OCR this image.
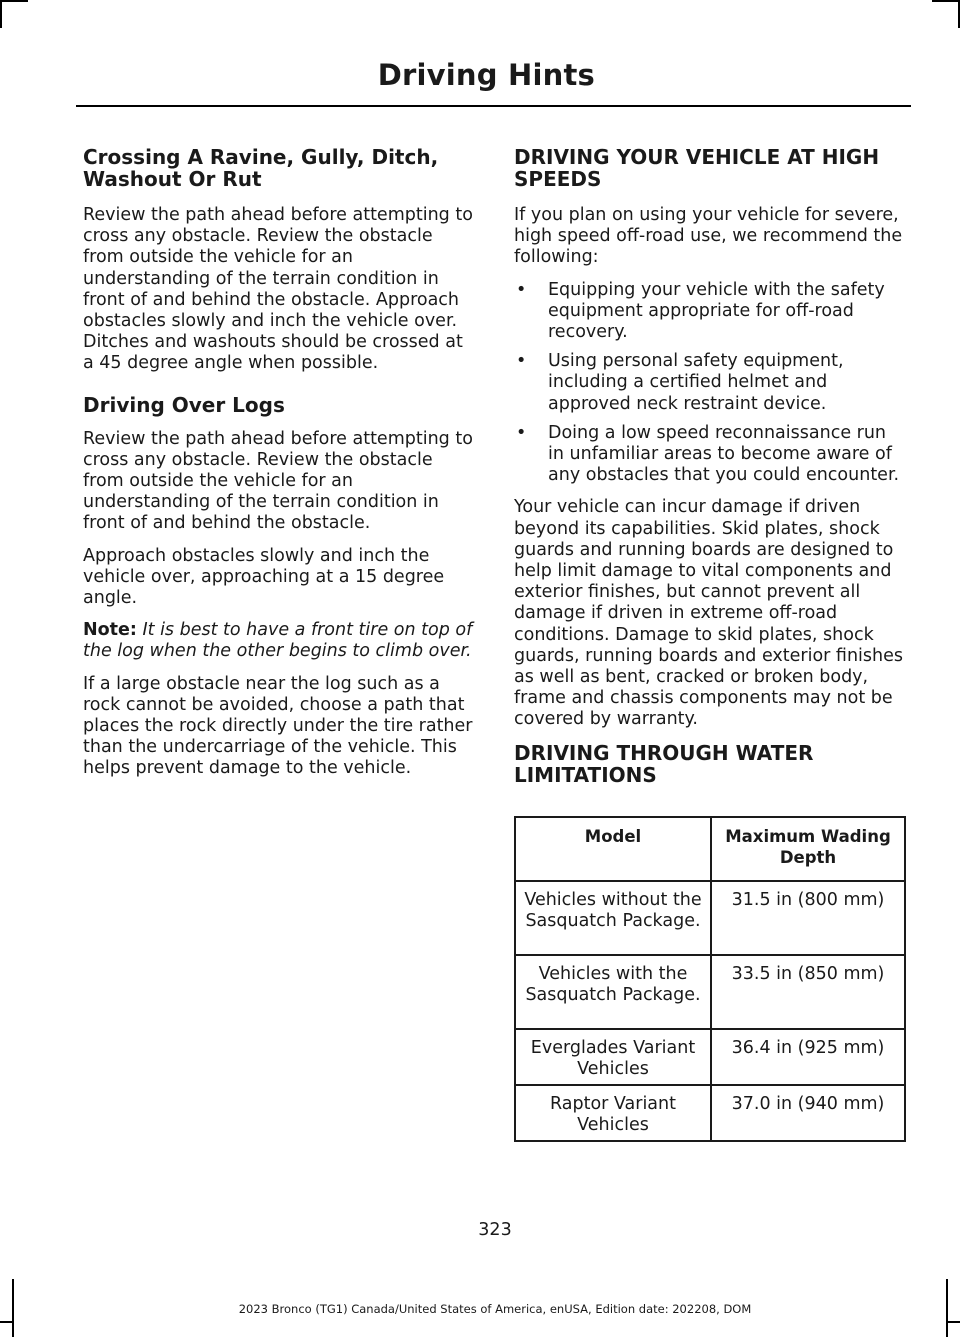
Driving Hints
Crossing A Ravine, Gully, Ditch, Washout Or Rut

Review the path ahead before attempting to cross any obstacle. Review the obstacle from outside the vehicle for an understanding of the terrain condition in front of and behind the obstacle. Approach obstacles slowly and inch the vehicle over. Ditches and washouts should be crossed at a 45 degree angle when possible.

Driving Over Logs

Review the path ahead before attempting to cross any obstacle. Review the obstacle from outside the vehicle for an understanding of the terrain condition in front of and behind the obstacle.

Approach obstacles slowly and inch the vehicle over, approaching at a 15 degree angle.

Note: It is best to have a front tire on top of the log when the other begins to climb over.

If a large obstacle near the log such as a rock cannot be avoided, choose a path that places the rock directly under the tire rather than the undercarriage of the vehicle. This helps prevent damage to the vehicle.

DRIVING YOUR VEHICLE AT HIGH SPEEDS

If you plan on using your vehicle for severe, high speed off-road use, we recommend the following:

• Equipping your vehicle with the safety equipment appropriate for off-road recovery.
• Using personal safety equipment, including a certified helmet and approved neck restraint device.
• Doing a low speed reconnaissance run in unfamiliar areas to become aware of any obstacles that you could encounter.

Your vehicle can incur damage if driven beyond its capabilities. Skid plates, shock guards and running boards are designed to help limit damage to vital components and exterior finishes, but cannot prevent all damage if driven in extreme off-road conditions. Damage to skid plates, shock guards, running boards and exterior finishes as well as bent, cracked or broken body, frame and chassis components may not be covered by warranty.

DRIVING THROUGH WATER LIMITATIONS
Model	Maximum Wading Depth
Vehicles without the Sasquatch Package.	31.5 in (800 mm)
Vehicles with the Sasquatch Package.	33.5 in (850 mm)
Everglades Variant Vehicles	36.4 in (925 mm)
Raptor Variant Vehicles	37.0 in (940 mm)
323
2023 Bronco (TG1) Canada/United States of America, enUSA, Edition date: 202208, DOM
